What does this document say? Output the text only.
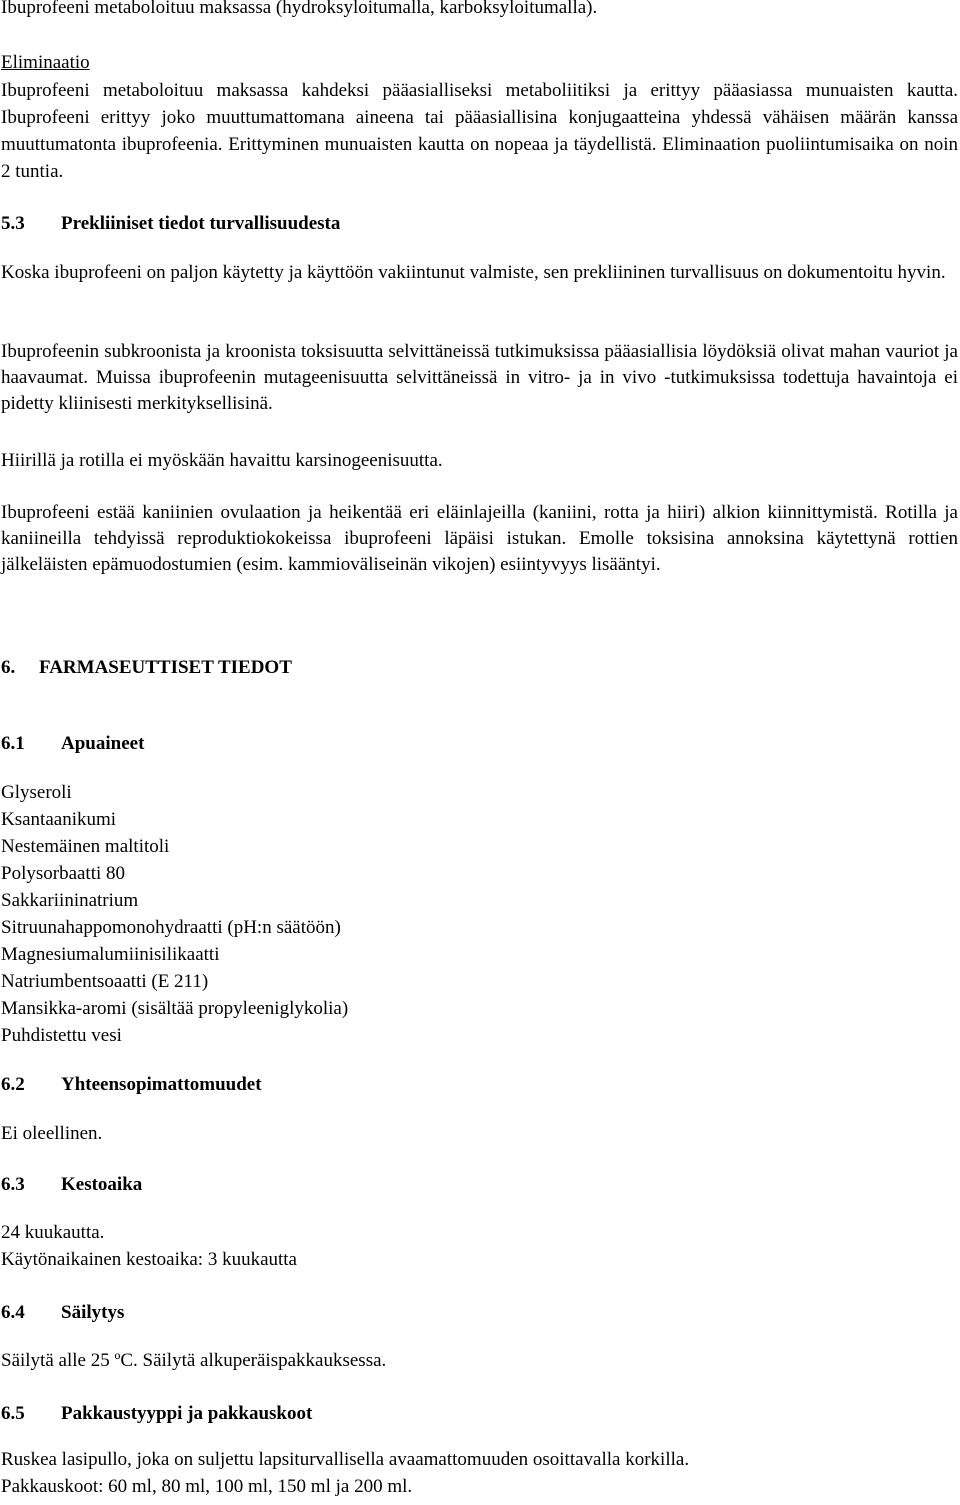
Ibuprofeeni metaboloituu maksassa (hydroksyloitumalla, karboksyloitumalla).

Eliminaatio

Ibuprofeeni metaboloituu maksassa kahdeksi pääasialliseksi metaboliitiksi ja erittyy pääasiassa munuaisten kautta. Ibuprofeeni erittyy joko muuttumattomana aineena tai pääasiallisina konjugaatteina yhdessä vähäisen määrän kanssa muuttumatonta ibuprofeenia. Erittyminen munuaisten kautta on nopeaa ja täydellistä. Eliminaation puoliintumisaika on noin 2 tuntia.

5.3 Prekliiniset tiedot turvallisuudesta

Koska ibuprofeeni on paljon käytetty ja käyttöön vakiintunut valmiste, sen prekliininen turvallisuus on dokumentoitu hyvin.

Ibuprofeenin subkroonista ja kroonista toksisuutta selvittäneissä tutkimuksissa pääasiallisia löydöksiä olivat mahan vauriot ja haavaumat. Muissa ibuprofeenin mutageenisuutta selvittäneissä in vitro- ja in vivo -tutkimuksissa todettuja havaintoja ei pidetty kliinisesti merkityksellisinä.

Hiirillä ja rotilla ei myöskään havaittu karsinogeenisuutta.

Ibuprofeeni estää kaniinien ovulaation ja heikentää eri eläinlajeilla (kaniini, rotta ja hiiri) alkion kiinnittymistä. Rotilla ja kaniineilla tehdyissä reproduktiokokeissa ibuprofeeni läpäisi istukan. Emolle toksisina annoksina käytettynä rottien jälkeläisten epämuodostumien (esim. kammioväliseinän vikojen) esiintyvyys lisääntyi.

6. FARMASEUTTISET TIEDOT
6.1 Apuaineet
Glyseroli
Ksantaanikumi
Nestemäinen maltitoli
Polysorbaatti 80
Sakkariininatrium
Sitruunahappomonohydraatti (pH:n säätöön)
Magnesiumalumiinisilikaatti
Natriumbentsoaatti (E 211)
Mansikka-aromi (sisältää propyleeniglykolia)
Puhdistettu vesi
6.2 Yhteensopimattomuudet

Ei oleellinen.

6.3 Kestoaika

24 kuukautta.

Käytönaikainen kestoaika: 3 kuukautta

6.4 Säilytys

Säilytä alle 25 ºC. Säilytä alkuperäispakkauksessa.

6.5 Pakkaustyyppi ja pakkauskoot

Ruskea lasipullo, joka on suljettu lapsiturvallisella avaamattomuuden osoittavalla korkilla.

Pakkauskoot: 60 ml, 80 ml, 100 ml, 150 ml ja 200 ml.
